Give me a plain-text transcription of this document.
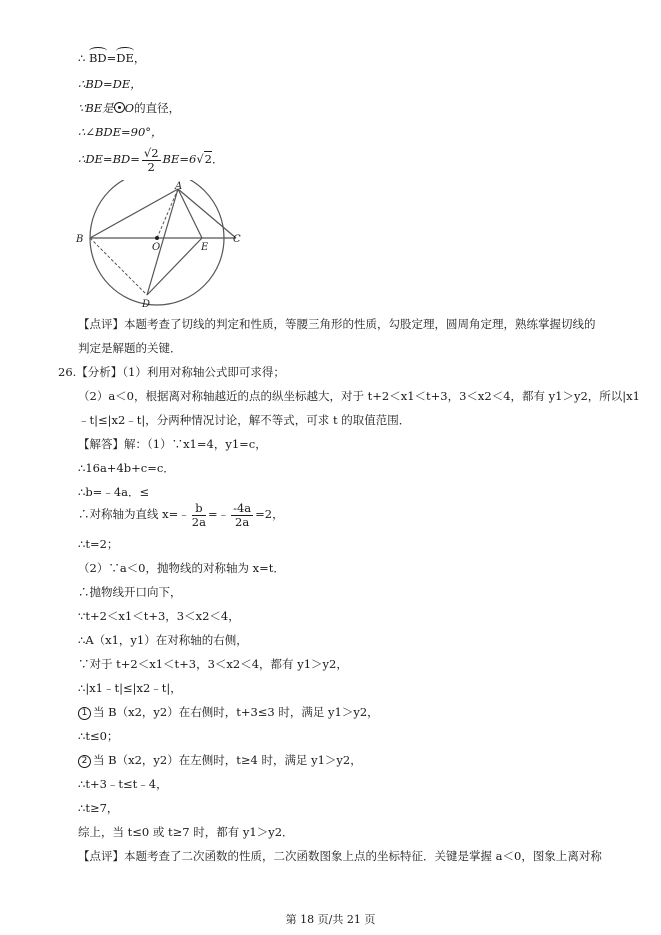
∴ BD=DE，
∴BD=DE，
∵BE是 O的直径，
∴∠BDE=90°，
∴DE=BD= $\frac{√2}{2} BE=6√2$．
A
B
O	E
C
D
【点评】本题考查了切线的判定和性质，等腰三角形的性质，勾股定理，圆周角定理，熟练掌握切线的
判定是解题的关键．
26.【分析】（1）利用对称轴公式即可求得；
（2）a＜0，根据离对称轴越近的点的纵坐标越大，对于 t+2＜x1＜t+3，3＜x2＜4，都有 y1＞y2，所以|x1
﹣t|≤|x2﹣t|，分两种情况讨论，解不等式，可求 t 的取值范围．
【解答】解：（1）∵x1=4，y1=c，
∴16a+4b+c=c．
∴b=﹣4a．≤
∴对称轴为直线 x=﹣ $\frac{b}{2a}$ =﹣ $\frac{-4a}{2a} =2$，
∴t=2；
（2）∵a＜0，抛物线的对称轴为 x=t．
∴抛物线开口向下，
∵t+2＜x1＜t+3，3＜x2＜4，
∴A（x1，y1）在对称轴的右侧，
∵对于 t+2＜x1＜t+3，3＜x2＜4，都有 y1＞y2，
∴|x1﹣t|≤|x2﹣t|，
1 当 B（x2，y2）在右侧时，t+3≤3 时，满足 y1＞y2，
∴t≤0；
2 当 B（x2，y2）在左侧时，t≥4 时，满足 y1＞y2，
∴t+3﹣t≤t﹣4，
∴t≥7，
综上，当 t≤0 或 t≥7 时，都有 y1＞y2．
【点评】本题考查了二次函数的性质，二次函数图象上点的坐标特征．关键是掌握 a＜0，图象上离对称
第 18 页/共 21 页
